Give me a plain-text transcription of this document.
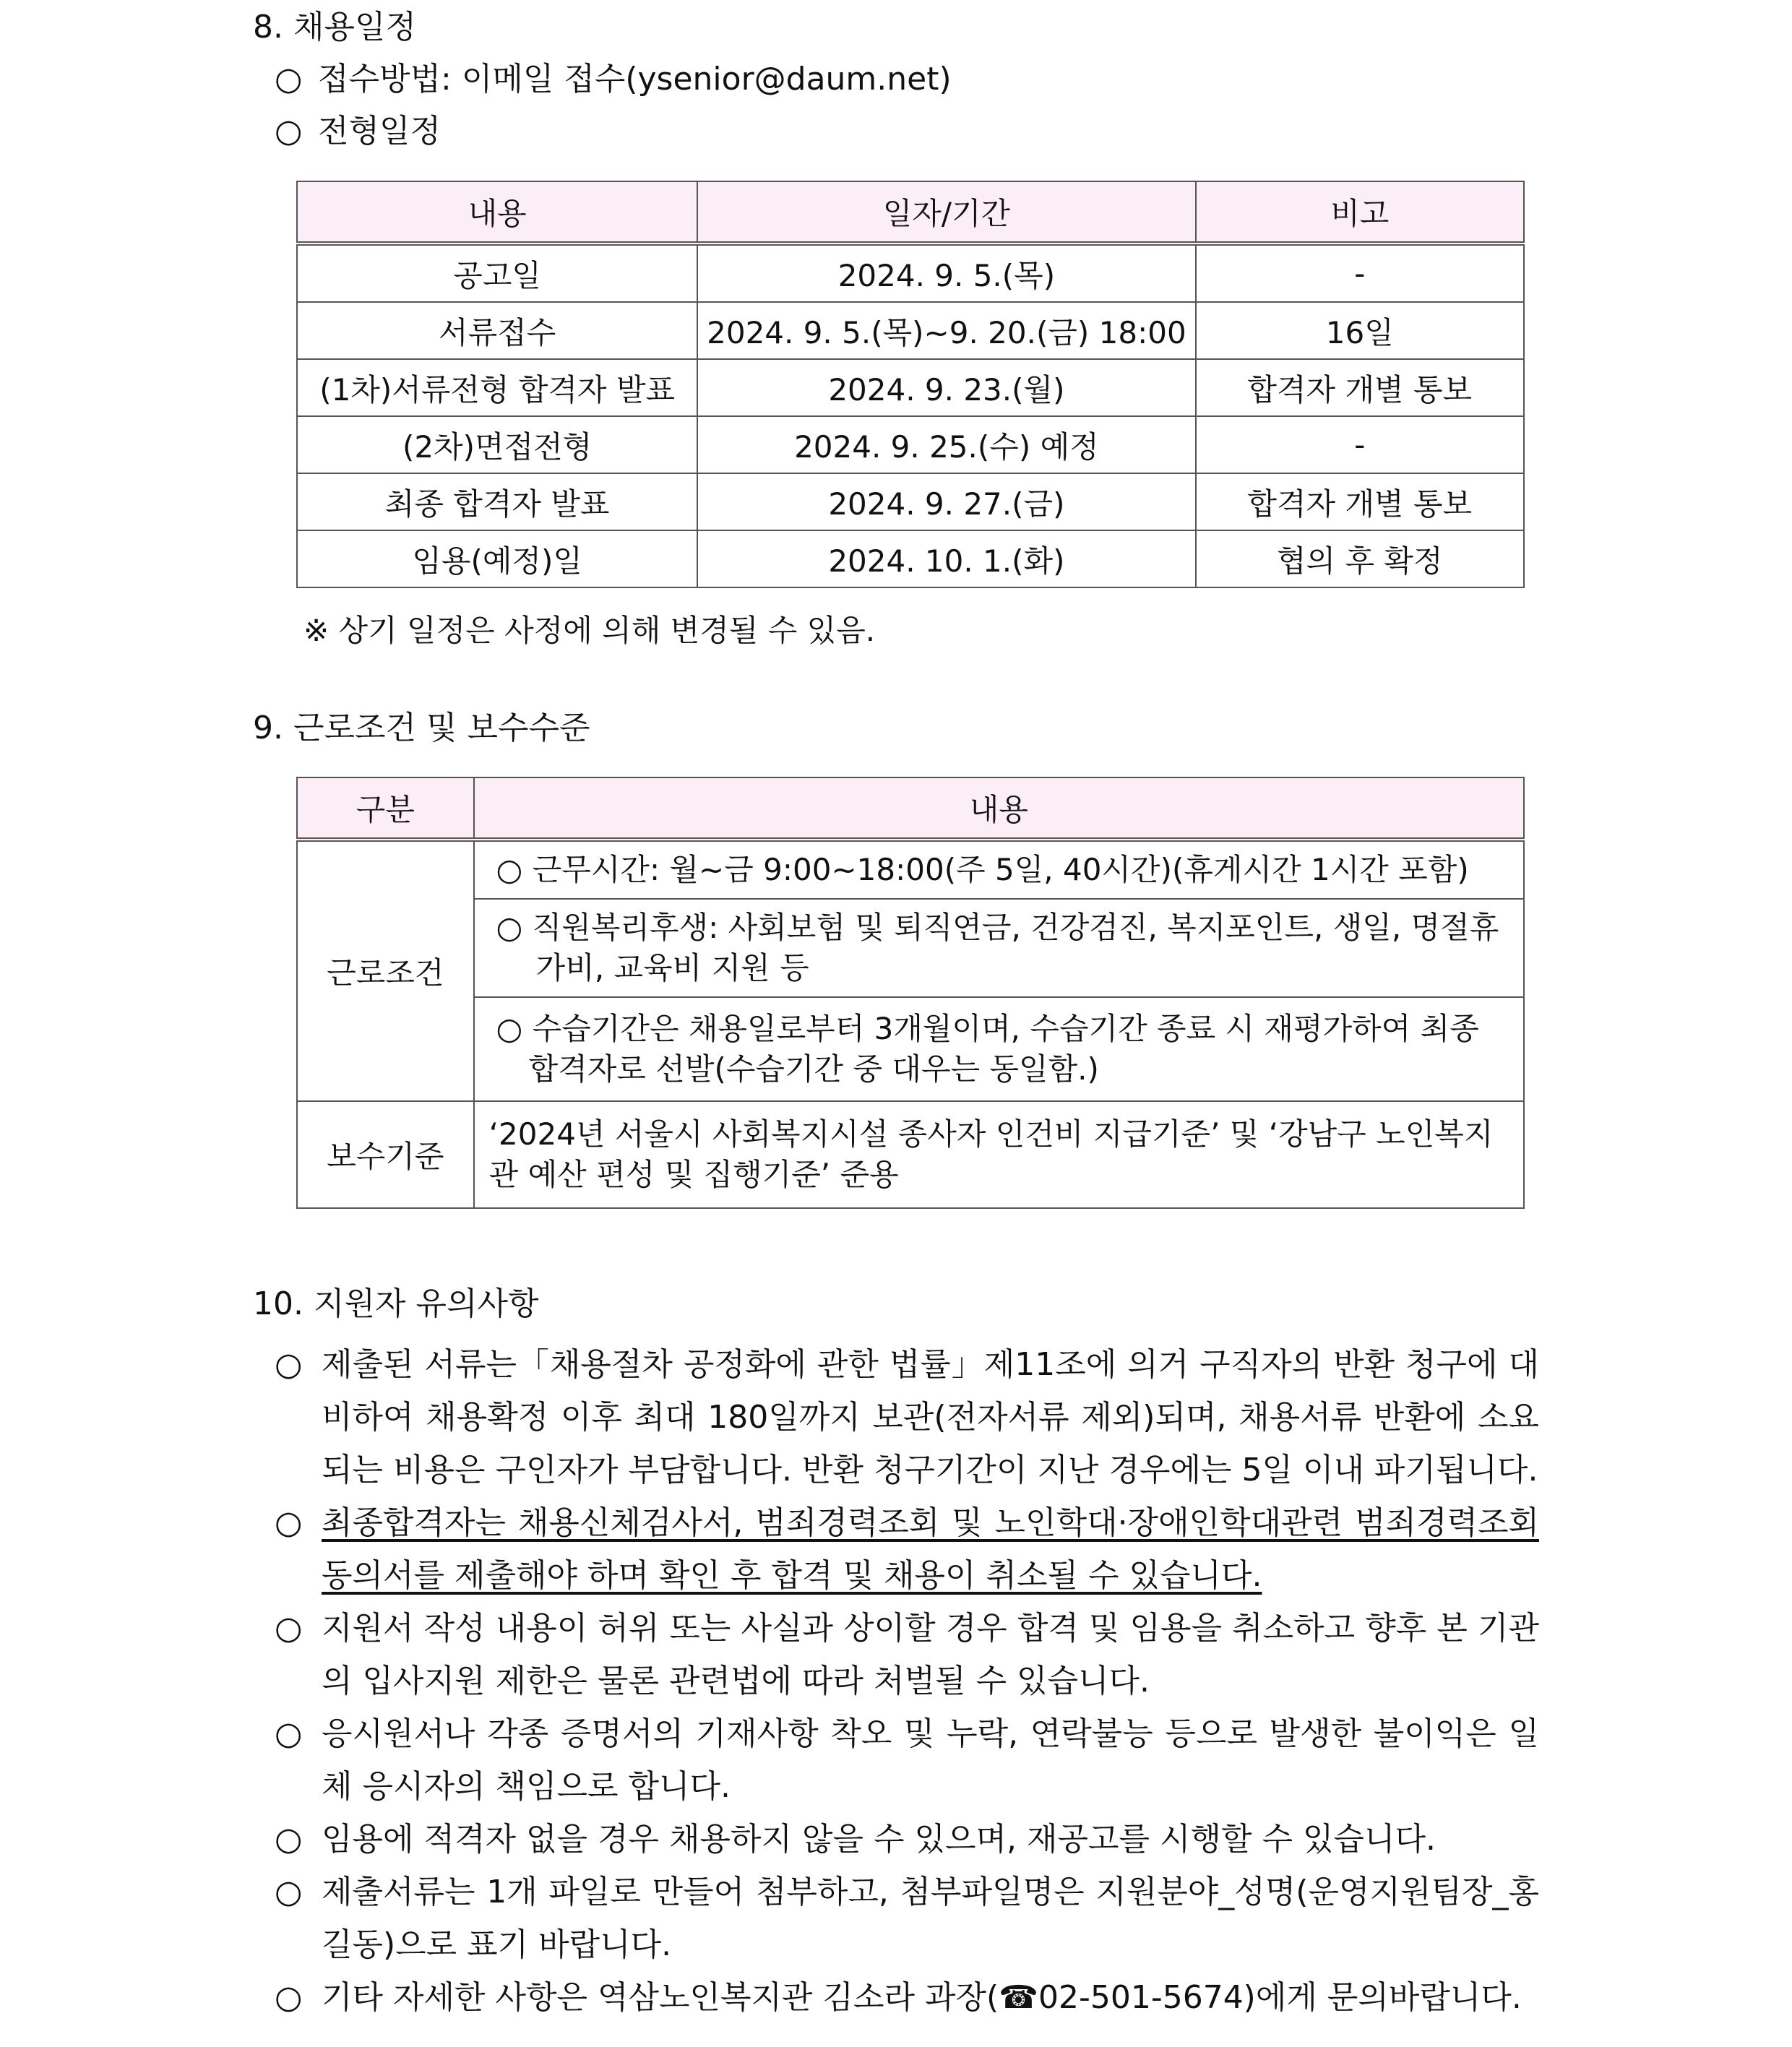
8. 채용일정
○ 접수방법: 이메일 접수(ysenior@daum.net)
○ 전형일정
내용	일자/기간	비고
공고일	2024. 9. 5.(목)	-
서류접수	2024. 9. 5.(목)~9. 20.(금) 18:00	16일
(1차)서류전형 합격자 발표	2024. 9. 23.(월)	합격자 개별 통보
(2차)면접전형	2024. 9. 25.(수) 예정	-
최종 합격자 발표	2024. 9. 27.(금)	합격자 개별 통보
임용(예정)일	2024. 10. 1.(화)	협의 후 확정
※ 상기 일정은 사정에 의해 변경될 수 있음.
9. 근로조건 및 보수수준
구분	내용
근로조건	○ 근무시간: 월~금 9:00~18:00(주 5일, 40시간)(휴게시간 1시간 포함)

	○ 직원복리후생: 사회보험 및 퇴직연금, 건강검진, 복지포인트, 생일, 명절휴가비, 교육비 지원 등

	○ 수습기간은 채용일로부터 3개월이며, 수습기간 종료 시 재평가하여 최종 합격자로 선발(수습기간 중 대우는 동일함.)

보수기준	‘2024년 서울시 사회복지시설 종사자 인건비 지급기준’ 및 ‘강남구 노인복지관 예산 편성 및 집행기준’ 준용
10. 지원자 유의사항
○ 제출된 서류는「채용절차 공정화에 관한 법률」제11조에 의거 구직자의 반환 청구에 대비하여 채용확정 이후 최대 180일까지 보관(전자서류 제외)되며, 채용서류 반환에 소요되는 비용은 구인자가 부담합니다. 반환 청구기간이 지난 경우에는 5일 이내 파기됩니다.
○ 최종합격자는 채용신체검사서, 범죄경력조회 및 노인학대·장애인학대관련 범죄경력조회 동의서를 제출해야 하며 확인 후 합격 및 채용이 취소될 수 있습니다.
○ 지원서 작성 내용이 허위 또는 사실과 상이할 경우 합격 및 임용을 취소하고 향후 본 기관의 입사지원 제한은 물론 관련법에 따라 처벌될 수 있습니다.
○ 응시원서나 각종 증명서의 기재사항 착오 및 누락, 연락불능 등으로 발생한 불이익은 일체 응시자의 책임으로 합니다.
○ 임용에 적격자 없을 경우 채용하지 않을 수 있으며, 재공고를 시행할 수 있습니다.
○ 제출서류는 1개 파일로 만들어 첨부하고, 첨부파일명은 지원분야_성명(운영지원팀장_홍길동)으로 표기 바랍니다.
○ 기타 자세한 사항은 역삼노인복지관 김소라 과장(☎02-501-5674)에게 문의바랍니다.
